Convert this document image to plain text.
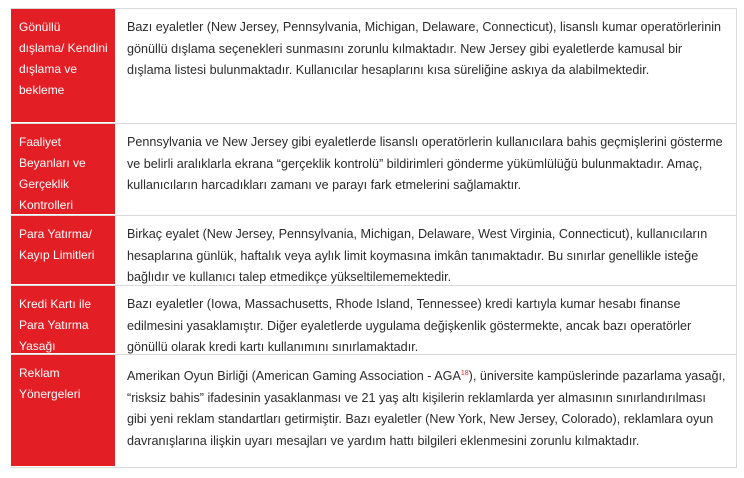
Gönüllü dışlama/ Kendini dışlama ve bekleme
Bazı eyaletler (New Jersey, Pennsylvania, Michigan, Delaware, Connecticut), lisanslı kumar operatörlerinin gönüllü dışlama seçenekleri sunmasını zorunlu kılmaktadır. New Jersey gibi eyaletlerde kamusal bir dışlama listesi bulunmaktadır. Kullanıcılar hesaplarını kısa süreliğine askıya da alabilmektedir.
Faaliyet Beyanları ve Gerçeklik Kontrolleri
Pennsylvania ve New Jersey gibi eyaletlerde lisanslı operatörlerin kullanıcılara bahis geçmişlerini gösterme ve belirli aralıklarla ekrana “gerçeklik kontrolü” bildirimleri gönderme yükümlülüğü bulunmaktadır. Amaç, kullanıcıların harcadıkları zamanı ve parayı fark etmelerini sağlamaktır.
Para Yatırma/ Kayıp Limitleri
Birkaç eyalet (New Jersey, Pennsylvania, Michigan, Delaware, West Virginia, Connecticut), kullanıcıların hesaplarına günlük, haftalık veya aylık limit koymasına imkân tanımaktadır. Bu sınırlar genellikle isteğe bağlıdır ve kullanıcı talep etmedikçe yükseltilememektedir.
Kredi Kartı ile Para Yatırma Yasağı
Bazı eyaletler (Iowa, Massachusetts, Rhode Island, Tennessee) kredi kartıyla kumar hesabı finanse edilmesini yasaklamıştır. Diğer eyaletlerde uygulama değişkenlik göstermekte, ancak bazı operatörler gönüllü olarak kredi kartı kullanımını sınırlamaktadır.
Reklam Yönergeleri
Amerikan Oyun Birliği (American Gaming Association - AGA$^{18}$), üniversite kampüslerinde pazarlama yasağı, “risksiz bahis” ifadesinin yasaklanması ve 21 yaş altı kişilerin reklamlarda yer almasının sınırlandırılması gibi yeni reklam standartları getirmiştir. Bazı eyaletler (New York, New Jersey, Colorado), reklamlara oyun davranışlarına ilişkin uyarı mesajları ve yardım hattı bilgileri eklenmesini zorunlu kılmaktadır.
